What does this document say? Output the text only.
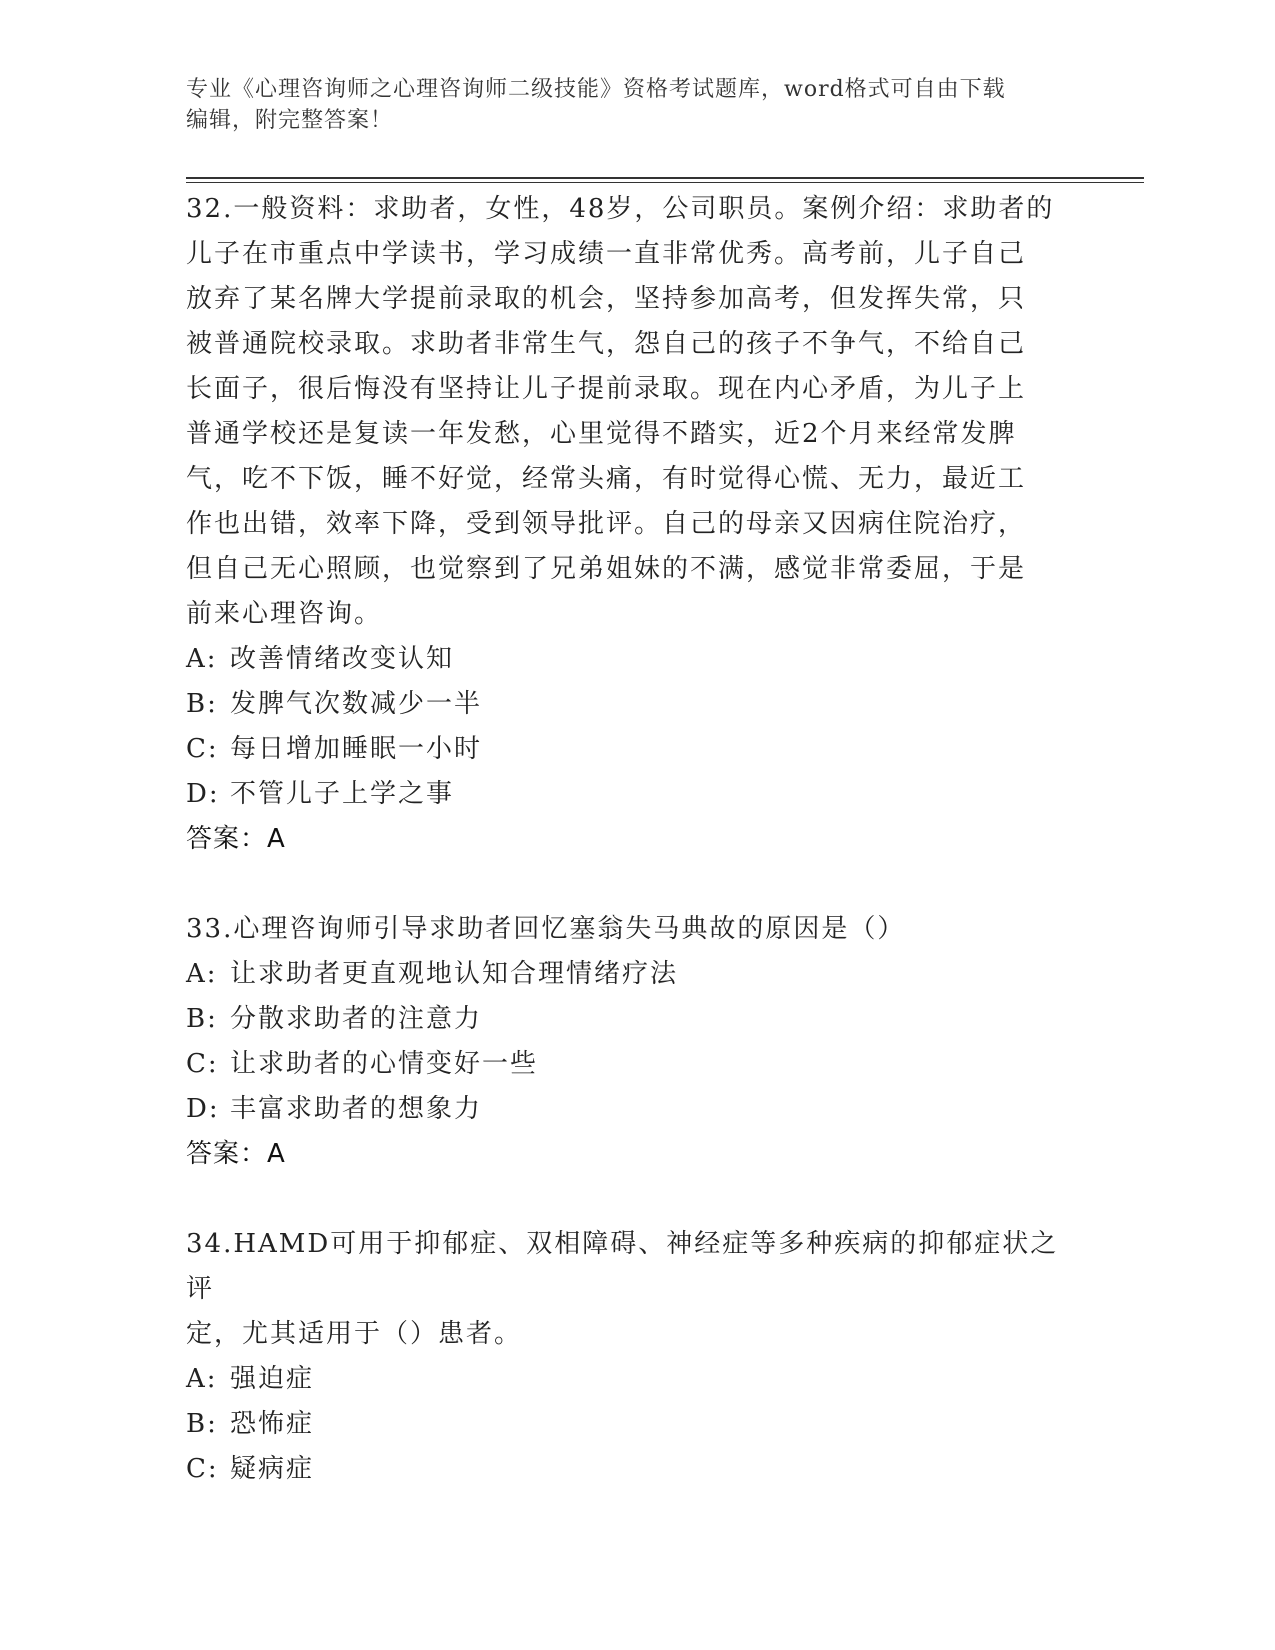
专业《心理咨询师之心理咨询师二级技能》资格考试题库，word格式可自由下载
编辑，附完整答案！

32.一般资料：求助者，女性，48岁，公司职员。案例介绍：求助者的

儿子在市重点中学读书，学习成绩一直非常优秀。高考前，儿子自己

放弃了某名牌大学提前录取的机会，坚持参加高考，但发挥失常，只

被普通院校录取。求助者非常生气，怨自己的孩子不争气，不给自己

长面子，很后悔没有坚持让儿子提前录取。现在内心矛盾，为儿子上

普通学校还是复读一年发愁，心里觉得不踏实，近2个月来经常发脾

气，吃不下饭，睡不好觉，经常头痛，有时觉得心慌、无力，最近工

作也出错，效率下降，受到领导批评。自己的母亲又因病住院治疗，

但自己无心照顾，也觉察到了兄弟姐妹的不满，感觉非常委屈，于是

前来心理咨询。

A: 改善情绪改变认知

B: 发脾气次数减少一半

C: 每日增加睡眠一小时

D: 不管儿子上学之事

答案：A

33.心理咨询师引导求助者回忆塞翁失马典故的原因是（）

A: 让求助者更直观地认知合理情绪疗法

B: 分散求助者的注意力

C: 让求助者的心情变好一些

D: 丰富求助者的想象力

答案：A

34.HAMD可用于抑郁症、双相障碍、神经症等多种疾病的抑郁症状之评

定，尤其适用于（）患者。

A: 强迫症

B: 恐怖症

C: 疑病症
